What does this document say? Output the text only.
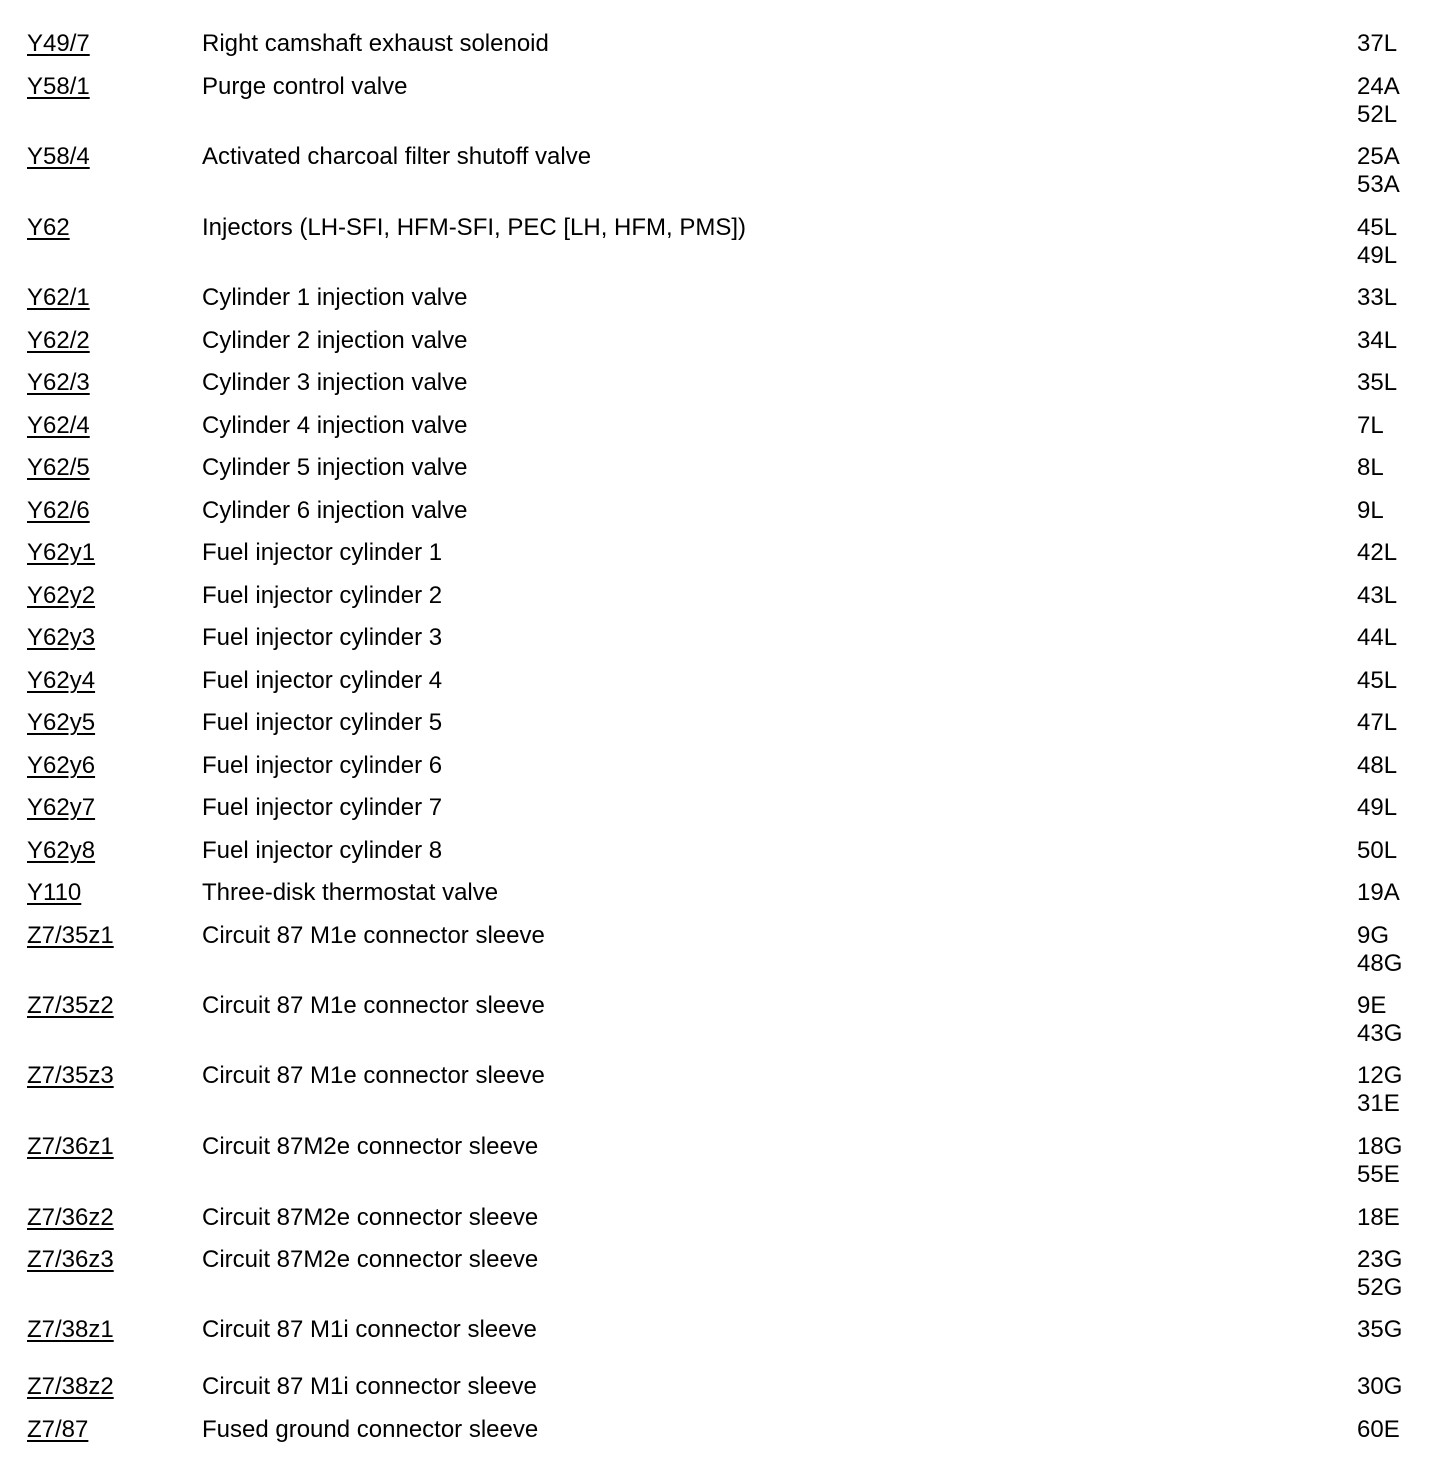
Y49/7	Right camshaft exhaust solenoid	37L
Y58/1	Purge control valve	24A
52L
Y58/4	Activated charcoal filter shutoff valve	25A
53A
Y62	Injectors (LH-SFI, HFM-SFI, PEC [LH, HFM, PMS])	45L
49L
Y62/1	Cylinder 1 injection valve	33L
Y62/2	Cylinder 2 injection valve	34L
Y62/3	Cylinder 3 injection valve	35L
Y62/4	Cylinder 4 injection valve	7L
Y62/5	Cylinder 5 injection valve	8L
Y62/6	Cylinder 6 injection valve	9L
Y62y1	Fuel injector cylinder 1	42L
Y62y2	Fuel injector cylinder 2	43L
Y62y3	Fuel injector cylinder 3	44L
Y62y4	Fuel injector cylinder 4	45L
Y62y5	Fuel injector cylinder 5	47L
Y62y6	Fuel injector cylinder 6	48L
Y62y7	Fuel injector cylinder 7	49L
Y62y8	Fuel injector cylinder 8	50L
Y110	Three-disk thermostat valve	19A
Z7/35z1	Circuit 87 M1e connector sleeve	9G
48G
Z7/35z2	Circuit 87 M1e connector sleeve	9E
43G
Z7/35z3	Circuit 87 M1e connector sleeve	12G
31E
Z7/36z1	Circuit 87M2e connector sleeve	18G
55E
Z7/36z2	Circuit 87M2e connector sleeve	18E
Z7/36z3	Circuit 87M2e connector sleeve	23G
52G
Z7/38z1	Circuit 87 M1i connector sleeve	35G
Z7/38z2	Circuit 87 M1i connector sleeve	30G
Z7/87	Fused ground connector sleeve	60E
